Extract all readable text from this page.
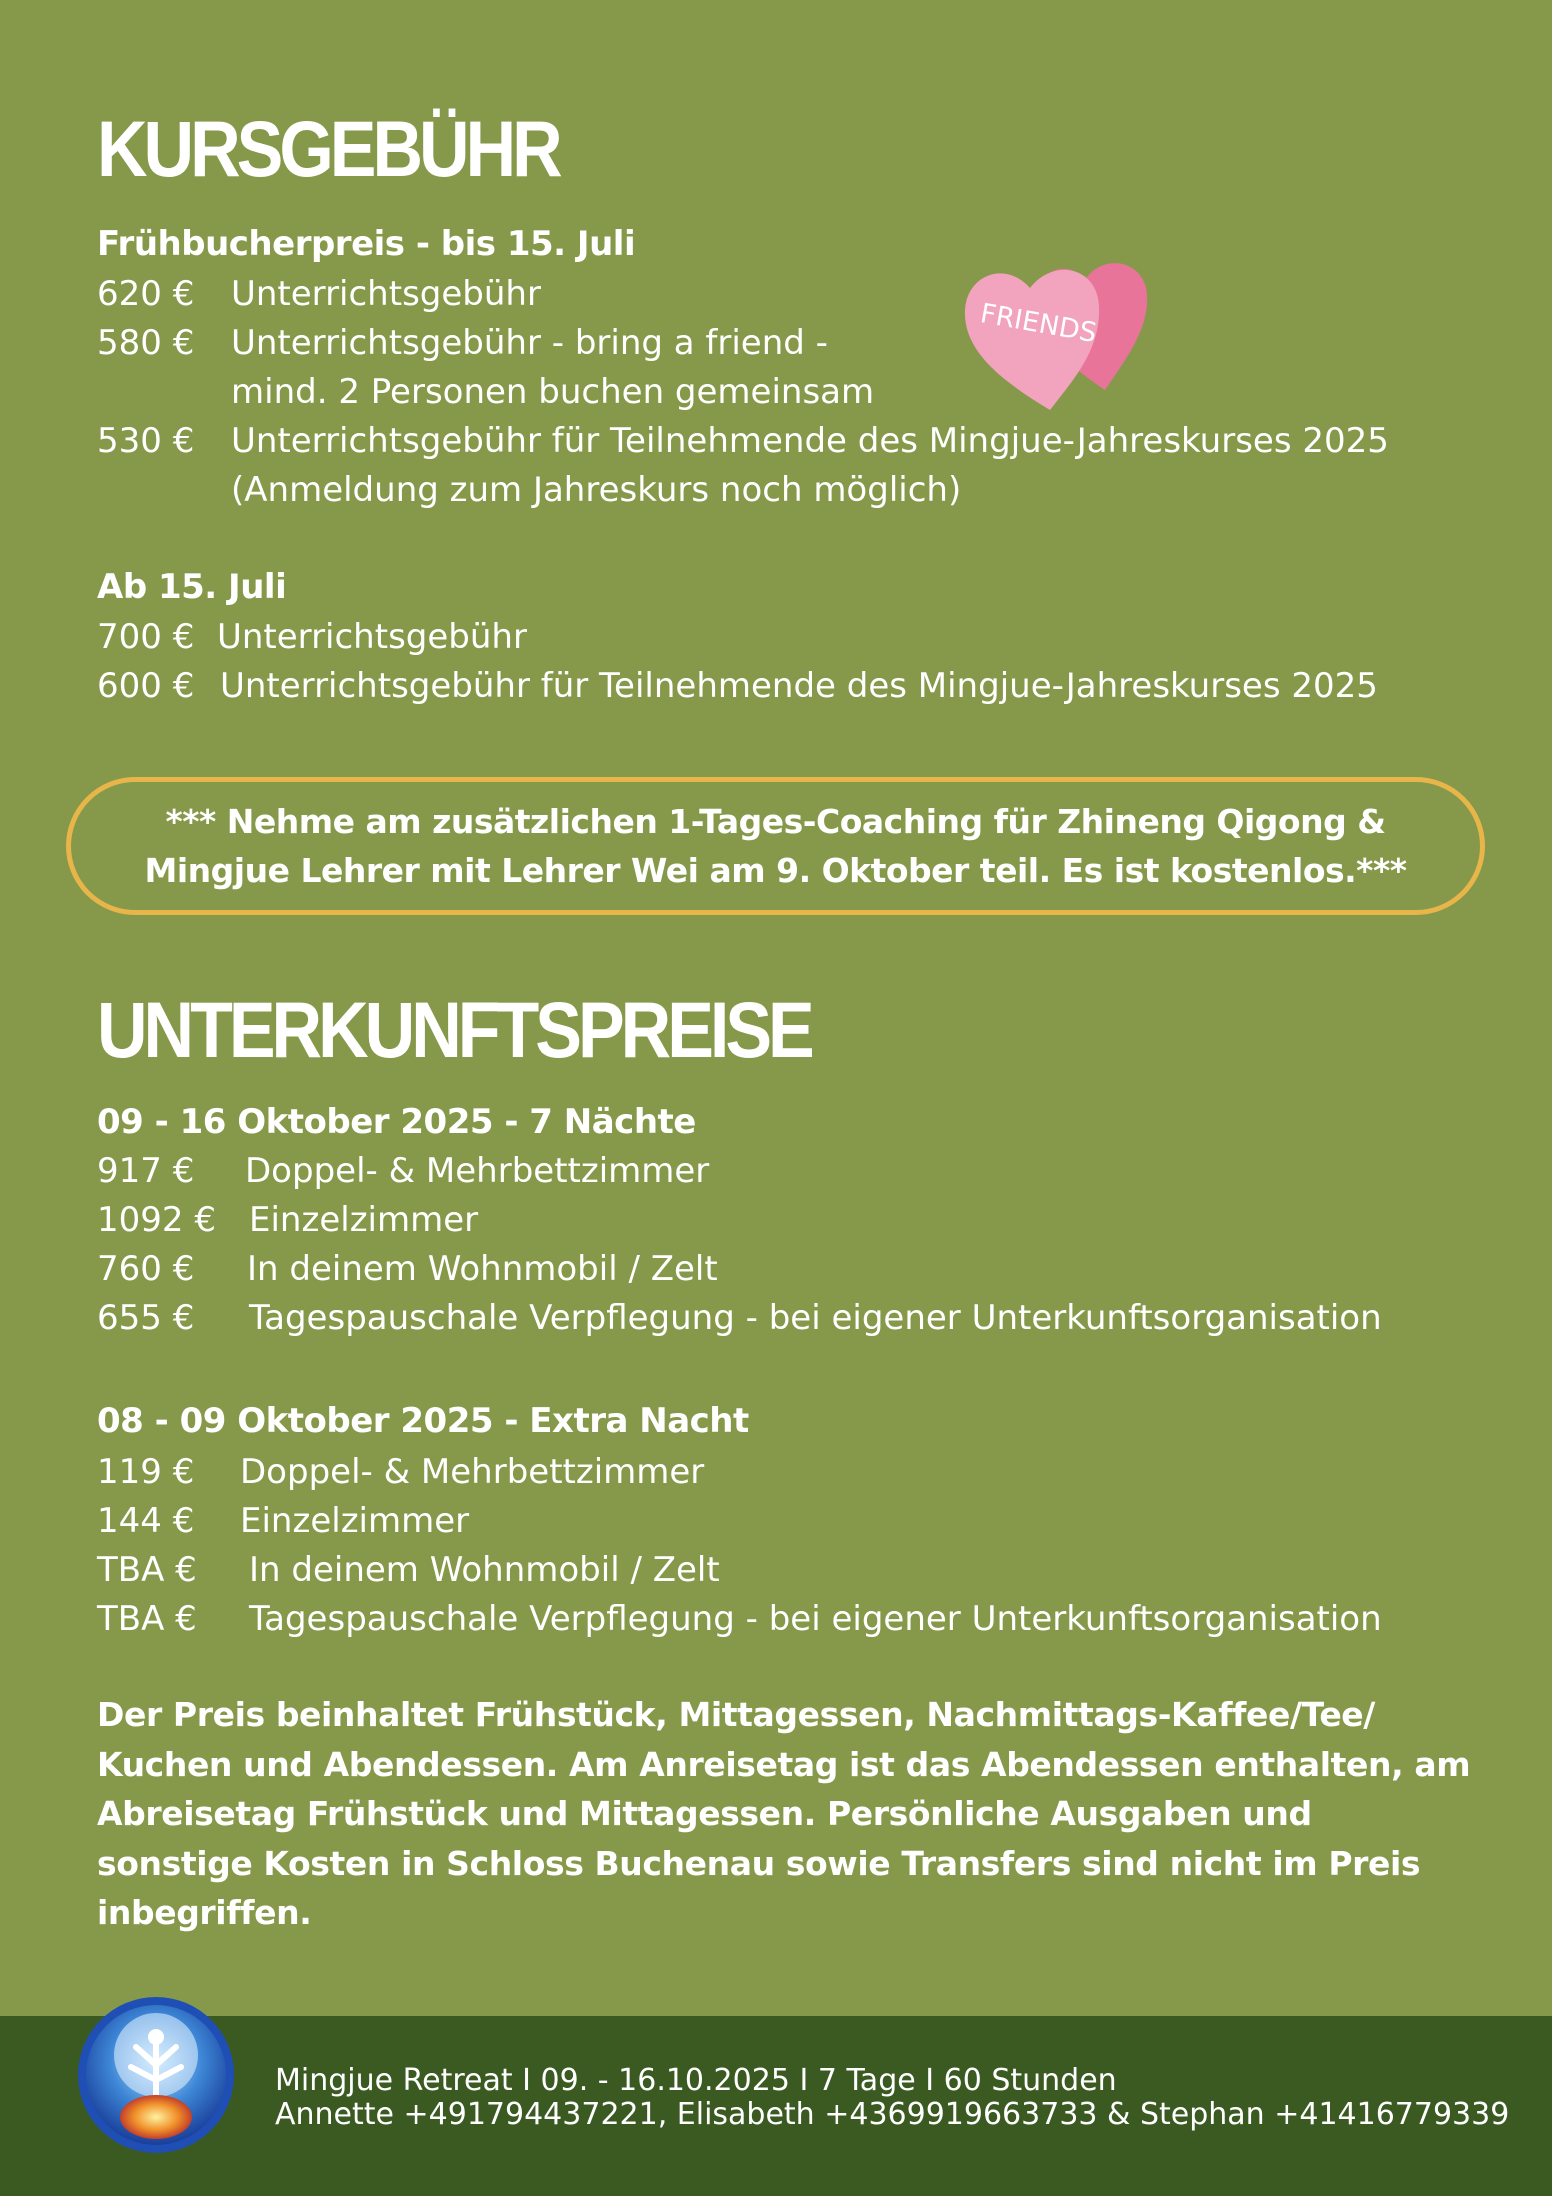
KURSGEBÜHR
Frühbucherpreis - bis 15. Juli
620 € Unterrichtsgebühr
580 € Unterrichtsgebühr - bring a friend -
mind. 2 Personen buchen gemeinsam
530 € Unterrichtsgebühr für Teilnehmende des Mingjue-Jahreskurses 2025
(Anmeldung zum Jahreskurs noch möglich)
FRIENDS
Ab 15. Juli
700 € Unterrichtsgebühr
600 € Unterrichtsgebühr für Teilnehmende des Mingjue-Jahreskurses 2025

*** Nehme am zusätzlichen 1-Tages-Coaching für Zhineng Qigong & Mingjue Lehrer mit Lehrer Wei am 9. Oktober teil. Es ist kostenlos.***

UNTERKUNFTSPREISE
09 - 16 Oktober 2025 - 7 Nächte
917 € Doppel- & Mehrbettzimmer
1092 € Einzelzimmer
760 € In deinem Wohnmobil / Zelt
655 € Tagespauschale Verpflegung - bei eigener Unterkunftsorganisation
08 - 09 Oktober 2025 - Extra Nacht
119 € Doppel- & Mehrbettzimmer
144 € Einzelzimmer
TBA € In deinem Wohnmobil / Zelt
TBA € Tagespauschale Verpflegung - bei eigener Unterkunftsorganisation

Der Preis beinhaltet Frühstück, Mittagessen, Nachmittags-Kaffee/Tee/ Kuchen und Abendessen. Am Anreisetag ist das Abendessen enthalten, am Abreisetag Frühstück und Mittagessen. Persönliche Ausgaben und sonstige Kosten in Schloss Buchenau sowie Transfers sind nicht im Preis inbegriffen.

Mingjue Retreat I 09. - 16.10.2025 I 7 Tage I 60 Stunden
Annette +491794437221, Elisabeth +4369919663733 & Stephan +41416779339
